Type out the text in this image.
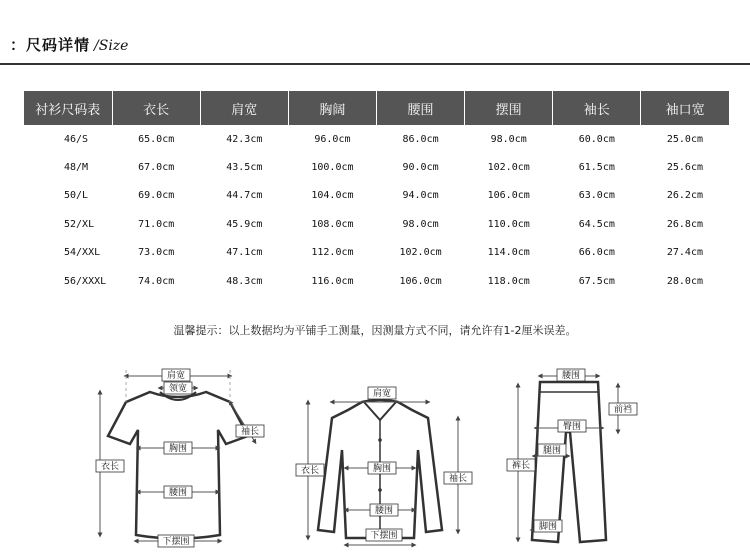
：尺码详情 /Size
衬衫尺码表	衣长	肩宽	胸阔	腰围	摆围	袖长	袖口宽
46/S	65.0cm	42.3cm	96.0cm	86.0cm	98.0cm	60.0cm	25.0cm
48/M	67.0cm	43.5cm	100.0cm	90.0cm	102.0cm	61.5cm	25.6cm
50/L	69.0cm	44.7cm	104.0cm	94.0cm	106.0cm	63.0cm	26.2cm
52/XL	71.0cm	45.9cm	108.0cm	98.0cm	110.0cm	64.5cm	26.8cm
54/XXL	73.0cm	47.1cm	112.0cm	102.0cm	114.0cm	66.0cm	27.4cm
56/XXXL	74.0cm	48.3cm	116.0cm	106.0cm	118.0cm	67.5cm	28.0cm
温馨提示：以上数据均为平铺手工测量，因测量方式不同，请允许有1-2厘米误差。
肩宽
领宽
袖长
胸围
衣长
腰围
下摆围
肩宽
衣长	胸围
袖长
腰围
下摆围
腰围
前裆
臀围
裤长
腿围
脚围
